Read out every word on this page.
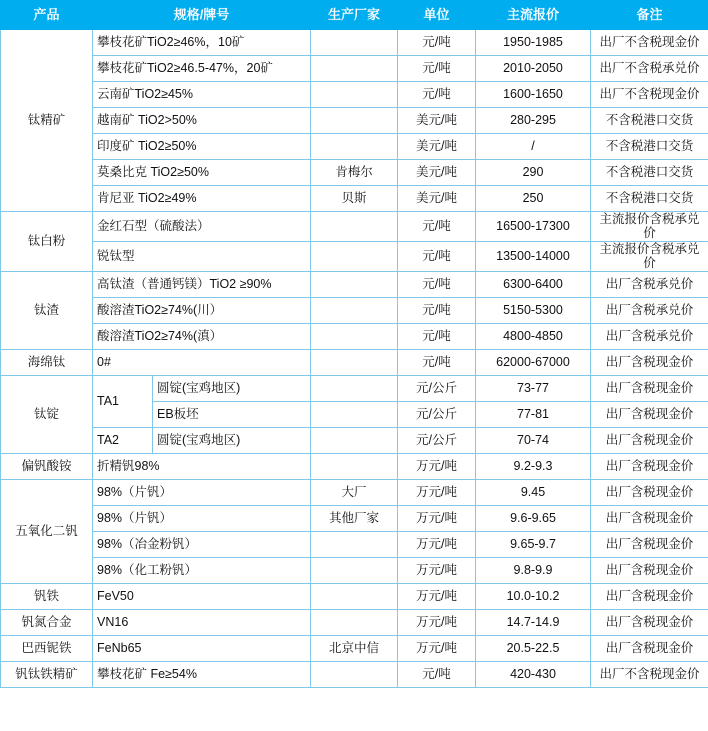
产品	规格/牌号		生产厂家	单位	主流报价	备注
钛精矿	攀枝花矿TiO2≥46%，10矿			元/吨	1950-1985	出厂不含税现金价
	攀枝花矿TiO2≥46.5-47%，20矿			元/吨	2010-2050	出厂不含税承兑价
	云南矿TiO2≥45%			元/吨	1600-1650	出厂不含税现金价
	越南矿 TiO2>50%			美元/吨	280-295	不含税港口交货
	印度矿 TiO2≥50%			美元/吨	/	不含税港口交货
	莫桑比克 TiO2≥50%		肯梅尔	美元/吨	290	不含税港口交货
	肯尼亚 TiO2≥49%		贝斯	美元/吨	250	不含税港口交货
钛白粉	金红石型（硫酸法）			元/吨	16500-17300	主流报价含税承兑价
	锐钛型			元/吨	13500-14000	主流报价含税承兑价
钛渣	高钛渣（普通钙镁）TiO2 ≥90%			元/吨	6300-6400	出厂含税承兑价
	酸溶渣TiO2≥74%(川）			元/吨	5150-5300	出厂含税承兑价
	酸溶渣TiO2≥74%(滇）			元/吨	4800-4850	出厂含税承兑价
海绵钛	0#			元/吨	62000-67000	出厂含税现金价
钛锭	TA1	圆锭(宝鸡地区)		元/公斤	73-77	出厂含税现金价
		EB板坯		元/公斤	77-81	出厂含税现金价
	TA2	圆锭(宝鸡地区)		元/公斤	70-74	出厂含税现金价
偏钒酸铵	折精钒98%			万元/吨	9.2-9.3	出厂含税现金价
五氧化二钒	98%（片钒）		大厂	万元/吨	9.45	出厂含税现金价
	98%（片钒）		其他厂家	万元/吨	9.6-9.65	出厂含税现金价
	98%（冶金粉钒）			万元/吨	9.65-9.7	出厂含税现金价
	98%（化工粉钒）			万元/吨	9.8-9.9	出厂含税现金价
钒铁	FeV50			万元/吨	10.0-10.2	出厂含税现金价
钒氮合金	VN16			万元/吨	14.7-14.9	出厂含税现金价
巴西铌铁	FeNb65		北京中信	万元/吨	20.5-22.5	出厂含税现金价
钒钛铁精矿	攀枝花矿 Fe≥54%			元/吨	420-430	出厂不含税现金价
